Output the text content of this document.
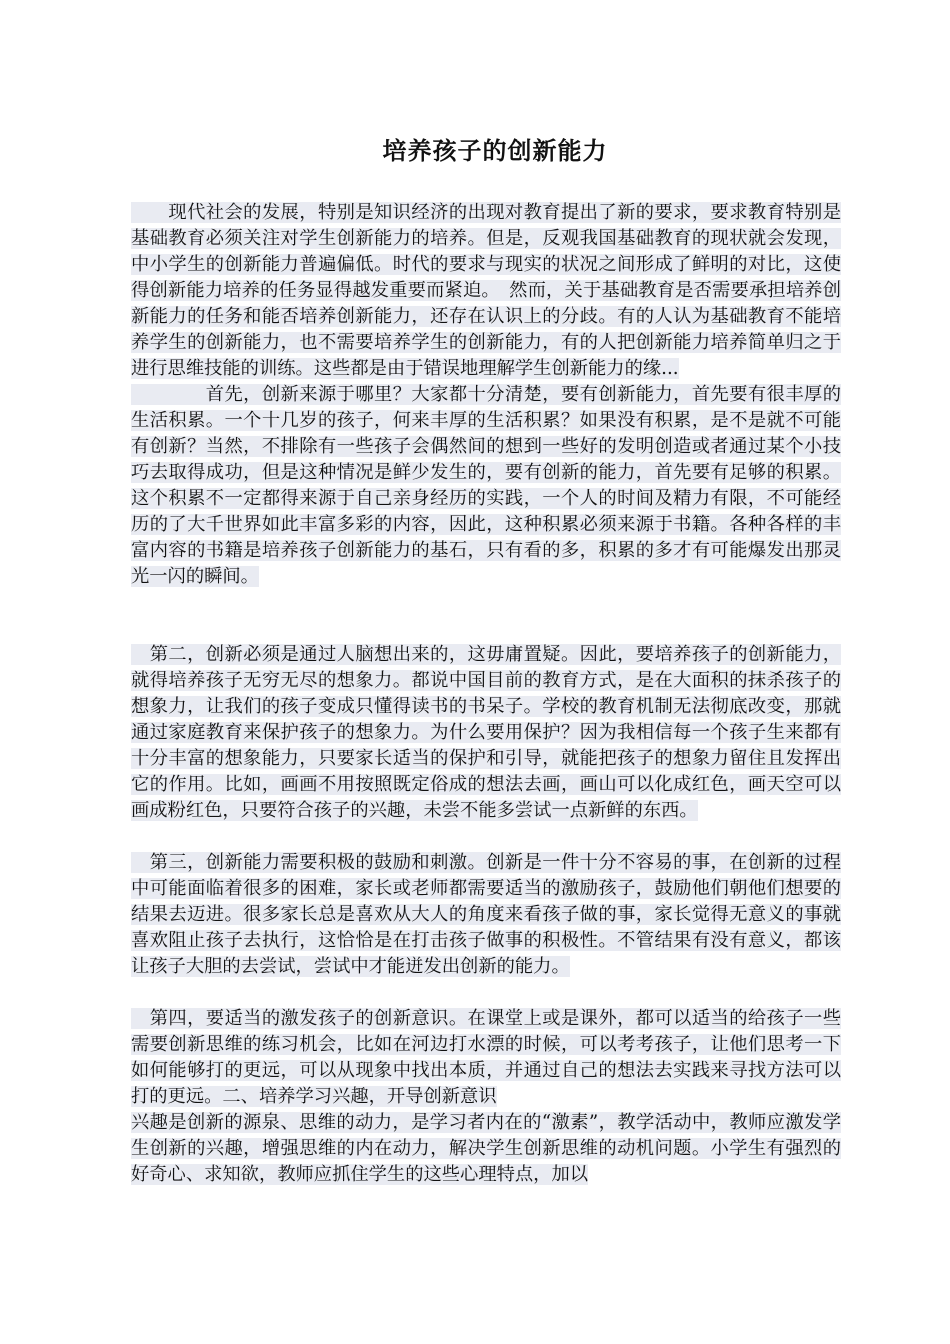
培养孩子的创新能力

　　现代社会的发展，特别是知识经济的出现对教育提出了新的要求，要求教育特别是基础教育必须关注对学生创新能力的培养。但是，反观我国基础教育的现状就会发现，中小学生的创新能力普遍偏低。时代的要求与现实的状况之间形成了鲜明的对比，这使得创新能力培养的任务显得越发重要而紧迫。　然而，关于基础教育是否需要承担培养创新能力的任务和能否培养创新能力，还存在认识上的分歧。有的人认为基础教育不能培养学生的创新能力，也不需要培养学生的创新能力，有的人把创新能力培养简单归之于进行思维技能的训练。这些都是由于错误地理解学生创新能力的缘...

　　　　首先，创新来源于哪里？大家都十分清楚，要有创新能力，首先要有很丰厚的生活积累。一个十几岁的孩子，何来丰厚的生活积累？如果没有积累，是不是就不可能有创新？当然，不排除有一些孩子会偶然间的想到一些好的发明创造或者通过某个小技巧去取得成功，但是这种情况是鲜少发生的，要有创新的能力，首先要有足够的积累。这个积累不一定都得来源于自己亲身经历的实践，一个人的时间及精力有限，不可能经历的了大千世界如此丰富多彩的内容，因此，这种积累必须来源于书籍。各种各样的丰富内容的书籍是培养孩子创新能力的基石，只有看的多，积累的多才有可能爆发出那灵光一闪的瞬间。

　第二，创新必须是通过人脑想出来的，这毋庸置疑。因此，要培养孩子的创新能力，就得培养孩子无穷无尽的想象力。都说中国目前的教育方式，是在大面积的抹杀孩子的想象力，让我们的孩子变成只懂得读书的书呆子。学校的教育机制无法彻底改变，那就通过家庭教育来保护孩子的想象力。为什么要用保护？因为我相信每一个孩子生来都有十分丰富的想象能力，只要家长适当的保护和引导，就能把孩子的想象力留住且发挥出它的作用。比如，画画不用按照既定俗成的想法去画，画山可以化成红色，画天空可以画成粉红色，只要符合孩子的兴趣，未尝不能多尝试一点新鲜的东西。

　第三，创新能力需要积极的鼓励和刺激。创新是一件十分不容易的事，在创新的过程中可能面临着很多的困难，家长或老师都需要适当的激励孩子，鼓励他们朝他们想要的结果去迈进。很多家长总是喜欢从大人的角度来看孩子做的事，家长觉得无意义的事就喜欢阻止孩子去执行，这恰恰是在打击孩子做事的积极性。不管结果有没有意义，都该让孩子大胆的去尝试，尝试中才能迸发出创新的能力。

　第四，要适当的激发孩子的创新意识。在课堂上或是课外，都可以适当的给孩子一些需要创新思维的练习机会，比如在河边打水漂的时候，可以考考孩子，让他们思考一下如何能够打的更远，可以从现象中找出本质，并通过自己的想法去实践来寻找方法可以打的更远。二、培养学习兴趣，开导创新意识

兴趣是创新的源泉、思维的动力，是学习者内在的“激素”，教学活动中，教师应激发学生创新的兴趣，增强思维的内在动力，解决学生创新思维的动机问题。小学生有强烈的好奇心、求知欲，教师应抓住学生的这些心理特点，加以
